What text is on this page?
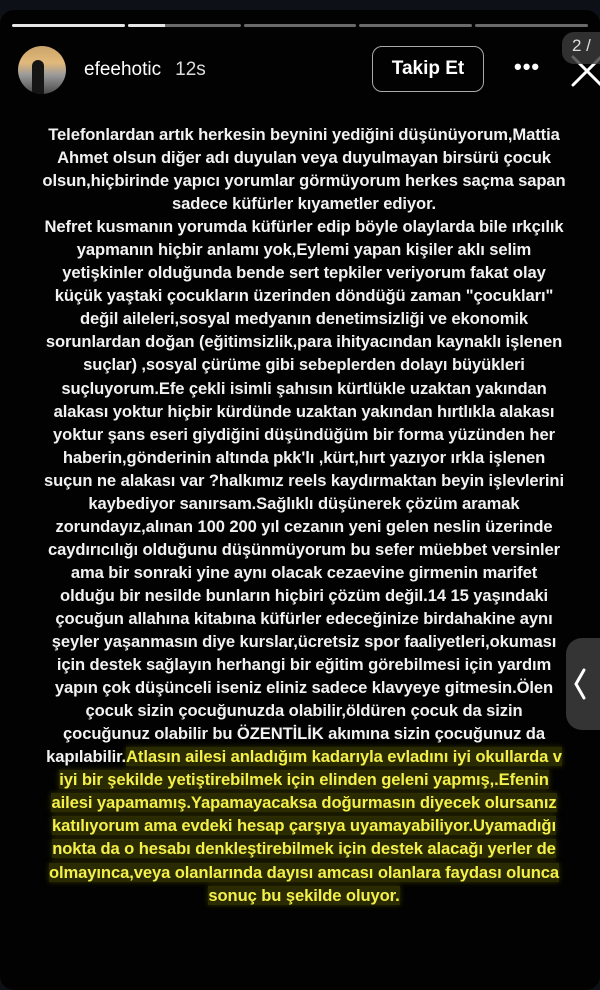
efeehotic 12s	Takip Et	•••
2 /
Telefonlardan artık herkesin beynini yediğini düşünüyorum,Mattia
Ahmet olsun diğer adı duyulan veya duyulmayan birsürü çocuk
olsun,hiçbirinde yapıcı yorumlar görmüyorum herkes saçma sapan
sadece küfürler kıyametler ediyor.
Nefret kusmanın yorumda küfürler edip böyle olaylarda bile ırkçılık
yapmanın hiçbir anlamı yok,Eylemi yapan kişiler aklı selim
yetişkinler olduğunda bende sert tepkiler veriyorum fakat olay
küçük yaştaki çocukların üzerinden döndüğü zaman "çocukları"
değil aileleri,sosyal medyanın denetimsizliği ve ekonomik
sorunlardan doğan (eğitimsizlik,para ihityacından kaynaklı işlenen
suçlar) ,sosyal çürüme gibi sebeplerden dolayı büyükleri
suçluyorum.Efe çekli isimli şahısın kürtlükle uzaktan yakından
alakası yoktur hiçbir kürdünde uzaktan yakından hırtlıkla alakası
yoktur şans eseri giydiğini düşündüğüm bir forma yüzünden her
haberin,gönderinin altında pkk'lı ,kürt,hırt yazıyor ırkla işlenen
suçun ne alakası var ?halkımız reels kaydırmaktan beyin işlevlerini
kaybediyor sanırsam.Sağlıklı düşünerek çözüm aramak
zorundayız,alınan 100 200 yıl cezanın yeni gelen neslin üzerinde
caydırıcılığı olduğunu düşünmüyorum bu sefer müebbet versinler
ama bir sonraki yine aynı olacak cezaevine girmenin marifet
olduğu bir nesilde bunların hiçbiri çözüm değil.14 15 yaşındaki
çocuğun allahına kitabına küfürler edeceğinize birdahakine aynı
şeyler yaşanmasın diye kurslar,ücretsiz spor faaliyetleri,okuması
için destek sağlayın herhangi bir eğitim görebilmesi için yardım
yapın çok düşünceli iseniz eliniz sadece klavyeye gitmesin.Ölen
çocuk sizin çocuğunuzda olabilir,öldüren çocuk da sizin
çocuğunuz olabilir bu ÖZENTİLİK akımına sizin çocuğunuz da
kapılabilir.Atlasın ailesi anladığım kadarıyla evladını iyi okullarda v
iyi bir şekilde yetiştirebilmek için elinden geleni yapmış,.Efenin
ailesi yapamamış.Yapamayacaksa doğurmasın diyecek olursanız
katılıyorum ama evdeki hesap çarşıya uyamayabiliyor.Uyamadığı
nokta da o hesabı denkleştirebilmek için destek alacağı yerler de
olmayınca,veya olanlarında dayısı amcası olanlara faydası olunca
sonuç bu şekilde oluyor.
